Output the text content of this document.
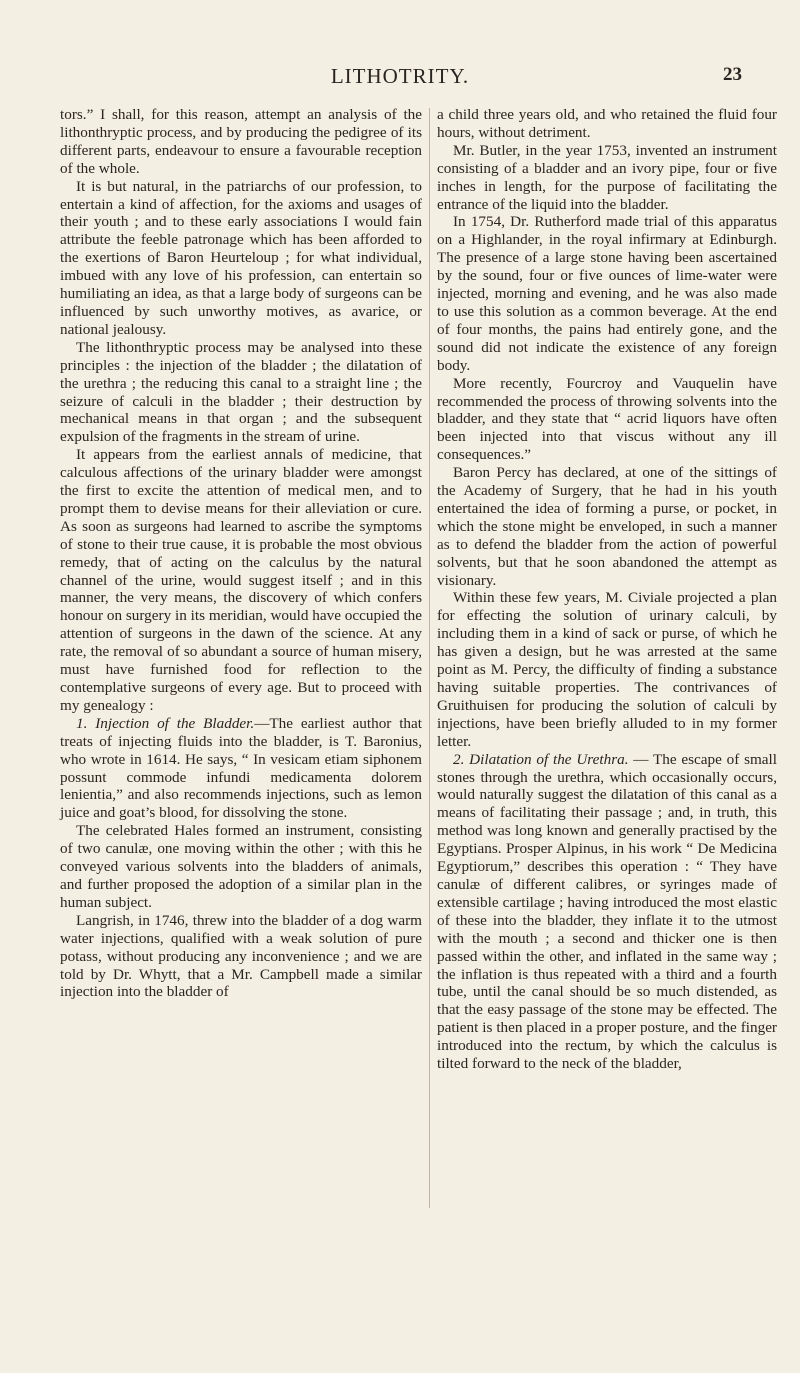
LITHOTRITY.	23

tors.” I shall, for this reason, attempt an analysis of the lithonthryptic process, and by producing the pedigree of its different parts, endeavour to ensure a favourable reception of the whole.

It is but natural, in the patriarchs of our profession, to entertain a kind of affection, for the axioms and usages of their youth ; and to these early associations I would fain attribute the feeble patronage which has been afforded to the exertions of Baron Heurteloup ; for what individual, imbued with any love of his profession, can entertain so humiliating an idea, as that a large body of surgeons can be influenced by such unworthy motives, as avarice, or national jealousy.

The lithonthryptic process may be analysed into these principles : the injection of the bladder ; the dilatation of the urethra ; the reducing this canal to a straight line ; the seizure of calculi in the bladder ; their destruction by mechanical means in that organ ; and the subsequent expulsion of the fragments in the stream of urine.

It appears from the earliest annals of medicine, that calculous affections of the urinary bladder were amongst the first to excite the attention of medical men, and to prompt them to devise means for their alleviation or cure. As soon as surgeons had learned to ascribe the symptoms of stone to their true cause, it is probable the most obvious remedy, that of acting on the calculus by the natural channel of the urine, would suggest itself ; and in this manner, the very means, the discovery of which confers honour on surgery in its meridian, would have occupied the attention of surgeons in the dawn of the science. At any rate, the removal of so abundant a source of human misery, must have furnished food for reflection to the contemplative surgeons of every age. But to proceed with my genealogy :

1. Injection of the Bladder.—The earliest author that treats of injecting fluids into the bladder, is T. Baronius, who wrote in 1614. He says, “ In vesicam etiam siphonem possunt commode infundi medicamenta dolorem lenientia,” and also recommends injections, such as lemon juice and goat’s blood, for dissolving the stone.

The celebrated Hales formed an instrument, consisting of two canulæ, one moving within the other ; with this he conveyed various solvents into the bladders of animals, and further proposed the adoption of a similar plan in the human subject.

Langrish, in 1746, threw into the bladder of a dog warm water injections, qualified with a weak solution of pure potass, without producing any inconvenience ; and we are told by Dr. Whytt, that a Mr. Campbell made a similar injection into the bladder of

a child three years old, and who retained the fluid four hours, without detriment.

Mr. Butler, in the year 1753, invented an instrument consisting of a bladder and an ivory pipe, four or five inches in length, for the purpose of facilitating the entrance of the liquid into the bladder.

In 1754, Dr. Rutherford made trial of this apparatus on a Highlander, in the royal infirmary at Edinburgh. The presence of a large stone having been ascertained by the sound, four or five ounces of lime-water were injected, morning and evening, and he was also made to use this solution as a common beverage. At the end of four months, the pains had entirely gone, and the sound did not indicate the existence of any foreign body.

More recently, Fourcroy and Vauquelin have recommended the process of throwing solvents into the bladder, and they state that “ acrid liquors have often been injected into that viscus without any ill consequences.”

Baron Percy has declared, at one of the sittings of the Academy of Surgery, that he had in his youth entertained the idea of forming a purse, or pocket, in which the stone might be enveloped, in such a manner as to defend the bladder from the action of powerful solvents, but that he soon abandoned the attempt as visionary.

Within these few years, M. Civiale projected a plan for effecting the solution of urinary calculi, by including them in a kind of sack or purse, of which he has given a design, but he was arrested at the same point as M. Percy, the difficulty of finding a substance having suitable properties. The contrivances of Gruithuisen for producing the solution of calculi by injections, have been briefly alluded to in my former letter.

2. Dilatation of the Urethra. — The escape of small stones through the urethra, which occasionally occurs, would naturally suggest the dilatation of this canal as a means of facilitating their passage ; and, in truth, this method was long known and generally practised by the Egyptians. Prosper Alpinus, in his work “ De Medicina Egyptiorum,” describes this operation : “ They have canulæ of different calibres, or syringes made of extensible cartilage ; having introduced the most elastic of these into the bladder, they inflate it to the utmost with the mouth ; a second and thicker one is then passed within the other, and inflated in the same way ; the inflation is thus repeated with a third and a fourth tube, until the canal should be so much distended, as that the easy passage of the stone may be effected. The patient is then placed in a proper posture, and the finger introduced into the rectum, by which the calculus is tilted forward to the neck of the bladder,
